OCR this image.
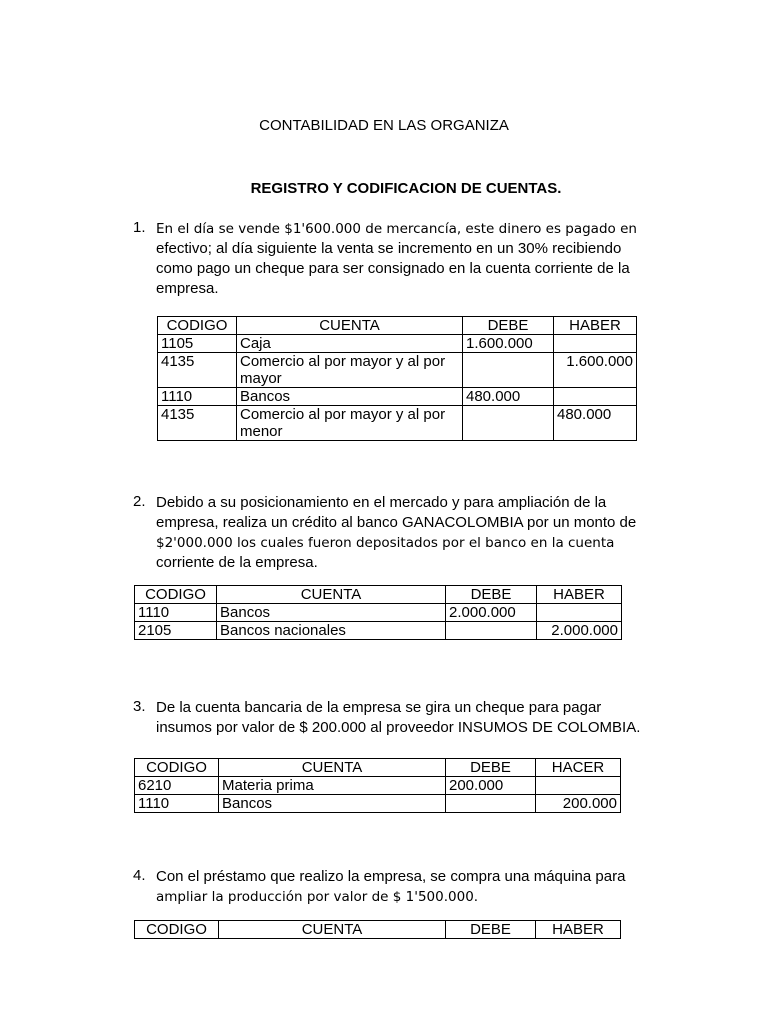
CONTABILIDAD EN LAS ORGANIZA
REGISTRO Y CODIFICACION DE CUENTAS.
1. En el día se vende $1'600.000 de mercancía, este dinero es pagado en
efectivo; al día siguiente la venta se incremento en un 30% recibiendo
como pago un cheque para ser consignado en la cuenta corriente de la
empresa.
CODIGO	CUENTA	DEBE	HABER
1105	Caja	1.600.000	
4135	Comercio al por mayor y al por mayor		1.600.000
1110	Bancos	480.000	
4135	Comercio al por mayor y al por menor		480.000
2. Debido a su posicionamiento en el mercado y para ampliación de la
empresa, realiza un crédito al banco GANACOLOMBIA por un monto de
$2'000.000 los cuales fueron depositados por el banco en la cuenta
corriente de la empresa.
CODIGO	CUENTA	DEBE	HABER
1110	Bancos	2.000.000	
2105	Bancos nacionales		2.000.000
3. De la cuenta bancaria de la empresa se gira un cheque para pagar
insumos por valor de $ 200.000 al proveedor INSUMOS DE COLOMBIA.
CODIGO	CUENTA	DEBE	HACER
6210	Materia prima	200.000	
1110	Bancos		200.000
4. Con el préstamo que realizo la empresa, se compra una máquina para
ampliar la producción por valor de $ 1'500.000.
CODIGO	CUENTA	DEBE	HABER
